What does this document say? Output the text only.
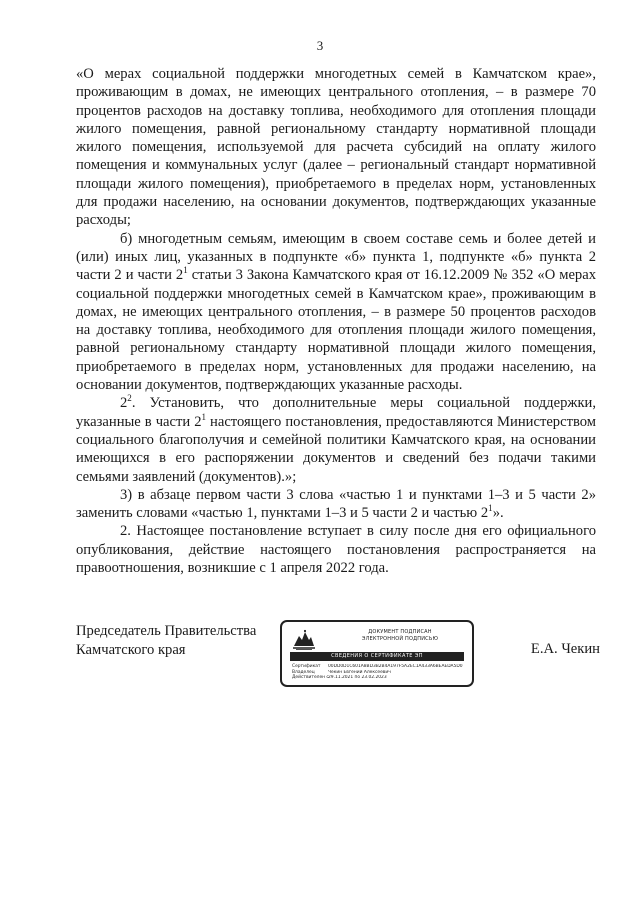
3

«О мерах социальной поддержки многодетных семей в Камчатском крае», проживающим в домах, не имеющих центрального отопления, – в размере 70 процентов расходов на доставку топлива, необходимого для отопления площади жилого помещения, равной региональному стандарту нормативной площади жилого помещения, используемой для расчета субсидий на оплату жилого помещения и коммунальных услуг (далее – региональный стандарт нормативной площади жилого помещения), приобретаемого в пределах норм, установленных для продажи населению, на основании документов, подтверждающих указанные расходы;

б) многодетным семьям, имеющим в своем составе семь и более детей и (или) иных лиц, указанных в подпункте «б» пункта 1, подпункте «б» пункта 2 части 2 и части $2^1$ статьи 3 Закона Камчатского края от 16.12.2009 № 352 «О мерах социальной поддержки многодетных семей в Камчатском крае», проживающим в домах, не имеющих центрального отопления, – в размере 50 процентов расходов на доставку топлива, необходимого для отопления площади жилого помещения, равной региональному стандарту нормативной площади жилого помещения, приобретаемого в пределах норм, установленных для продажи населению, на основании документов, подтверждающих указанные расходы.

$2^2$. Установить, что дополнительные меры социальной поддержки, указанные в части $2^1$ настоящего постановления, предоставляются Министерством социального благополучия и семейной политики Камчатского края, на основании имеющихся в его распоряжении документов и сведений без подачи такими семьями заявлений (документов).»;

3) в абзаце первом части 3 слова «частью 1 и пунктами 1–3 и 5 части 2» заменить словами «частью 1, пунктами 1–3 и 5 части 2 и частью $2^1$».

2. Настоящее постановление вступает в силу после дня его официального опубликования, действие настоящего постановления распространяется на правоотношения, возникшие с 1 апреля 2022 года.

Председатель Правительства
Камчатского края
ДОКУМЕНТ ПОДПИСАН
ЭЛЕКТРОННОЙ ПОДПИСЬЮ
СВЕДЕНИЯ О СЕРТИФИКАТЕ ЭП
Сертификат	00DD0D1C601A8BD3B2B4A197F5A2EC1A433A6BEAEDA5D0
Владелец	Чекин Евгений Алексеевич
Действителен с 29.11.2021 по 23.02.2023
Е.А. Чекин
